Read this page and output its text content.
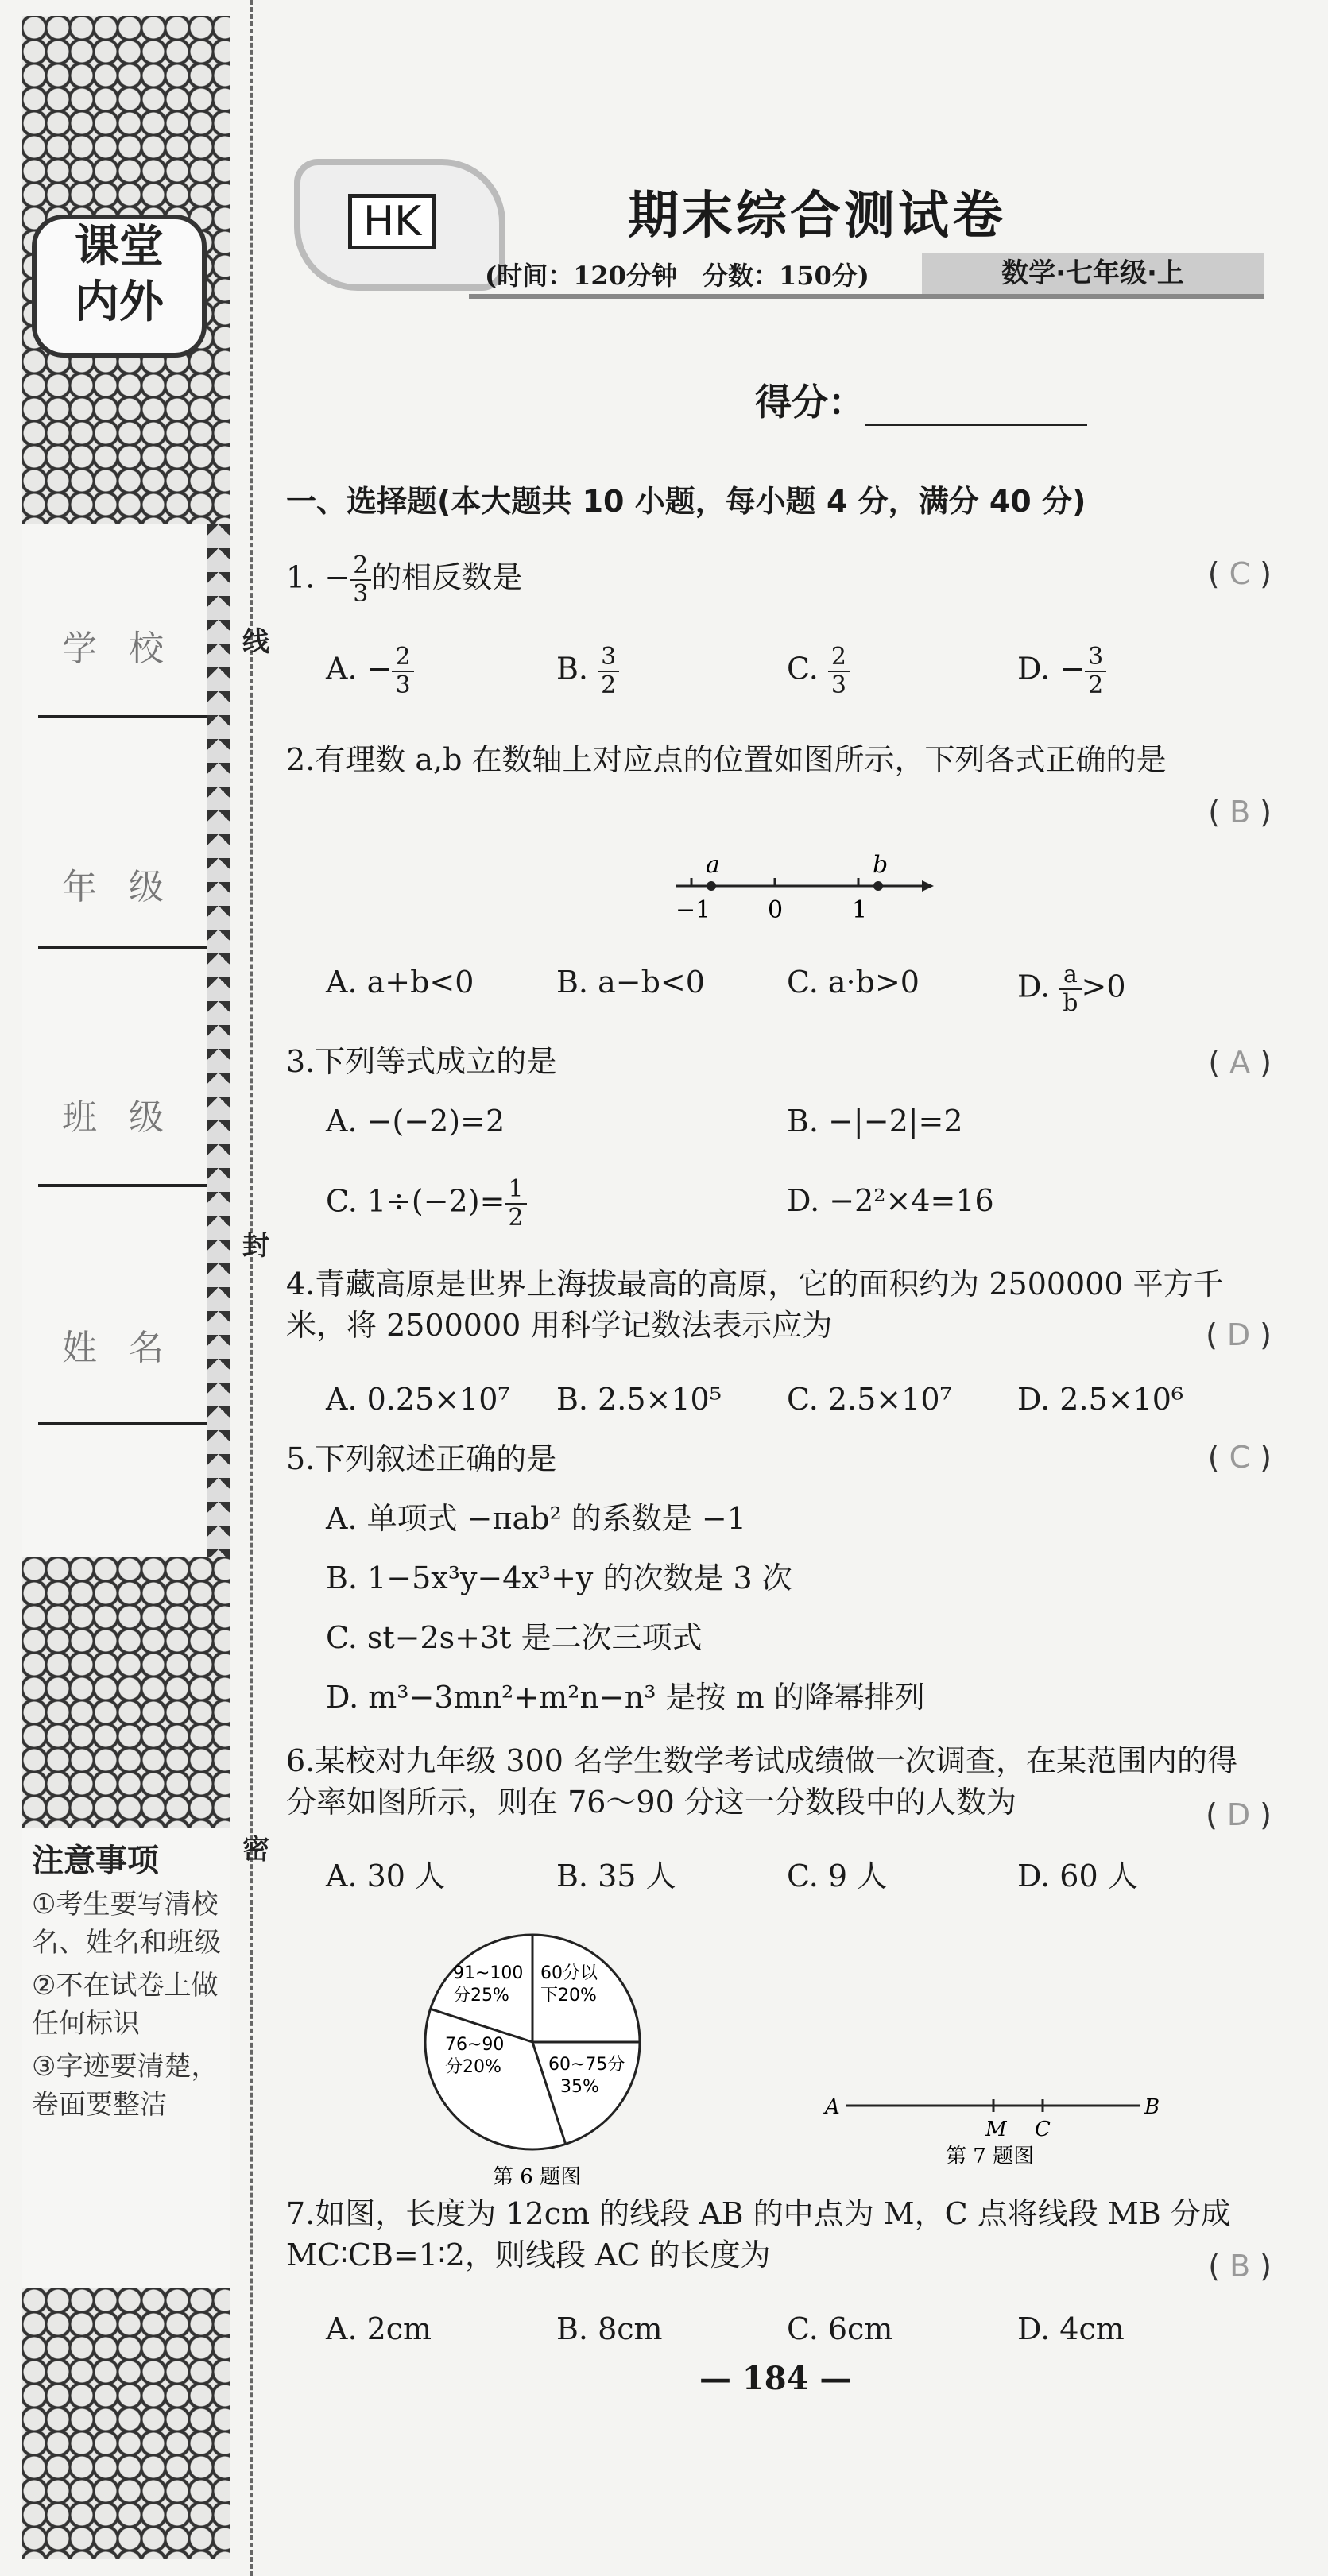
课堂
内外
学校
年级
班级
姓名
注意事项

①考生要写清校名、姓名和班级

②不在试卷上做任何标识

③字迹要清楚，卷面要整洁

线
封
密
HK	期末综合测试卷
(时间：120分钟　分数：150分)	数学·七年级·上
得分：
一、选择题(本大题共 10 小题，每小题 4 分，满分 40 分)
1. − $\frac{2}{3}$ 的相反数是	( C )
A. − $\frac{2}{3}$	B. $\frac{3}{2}$	C. $\frac{2}{3}$	D. − $\frac{3}{2}$
2.有理数 a,b 在数轴上对应点的位置如图所示，下列各式正确的是
( B )
a	b
−1 0	1
A. a+b<0	B. a−b<0	C. a·b>0	D. $\frac{a}{b} >0$
3.下列等式成立的是	( A )
A. −(−2)=2	B. −|−2|=2
C. $1\div(-2)= \frac{1}{2}$	D. −2²×4=16
4.青藏高原是世界上海拔最高的高原，它的面积约为 2500000 平方千米，将 2500000 用科学记数法表示应为	( D )
A. 0.25×10⁷ B. 2.5×10⁵ C. 2.5×10⁷ D. 2.5×10⁶
5.下列叙述正确的是	( C )
A. 单项式 −πab² 的系数是 −1
B. 1−5x³y−4x³+y 的次数是 3 次
C. st−2s+3t 是二次三项式
D. m³−3mn²+m²n−n³ 是按 m 的降幂排列
6.某校对九年级 300 名学生数学考试成绩做一次调查，在某范围内的得分率如图所示，则在 76～90 分这一分数段中的人数为	( D )
A. 30 人	B. 35 人	C. 9 人	D. 60 人
91~100
分25%
60分以
下20%
60~75分
35%
76~90
分20%
第 6 题图
A
M C
B
第 7 题图
7.如图，长度为 12cm 的线段 AB 的中点为 M，C 点将线段 MB 分成 MC∶CB=1∶2，则线段 AC 的长度为	( B )
A. 2cm	B. 8cm	C. 6cm	D. 4cm
— 184 —
